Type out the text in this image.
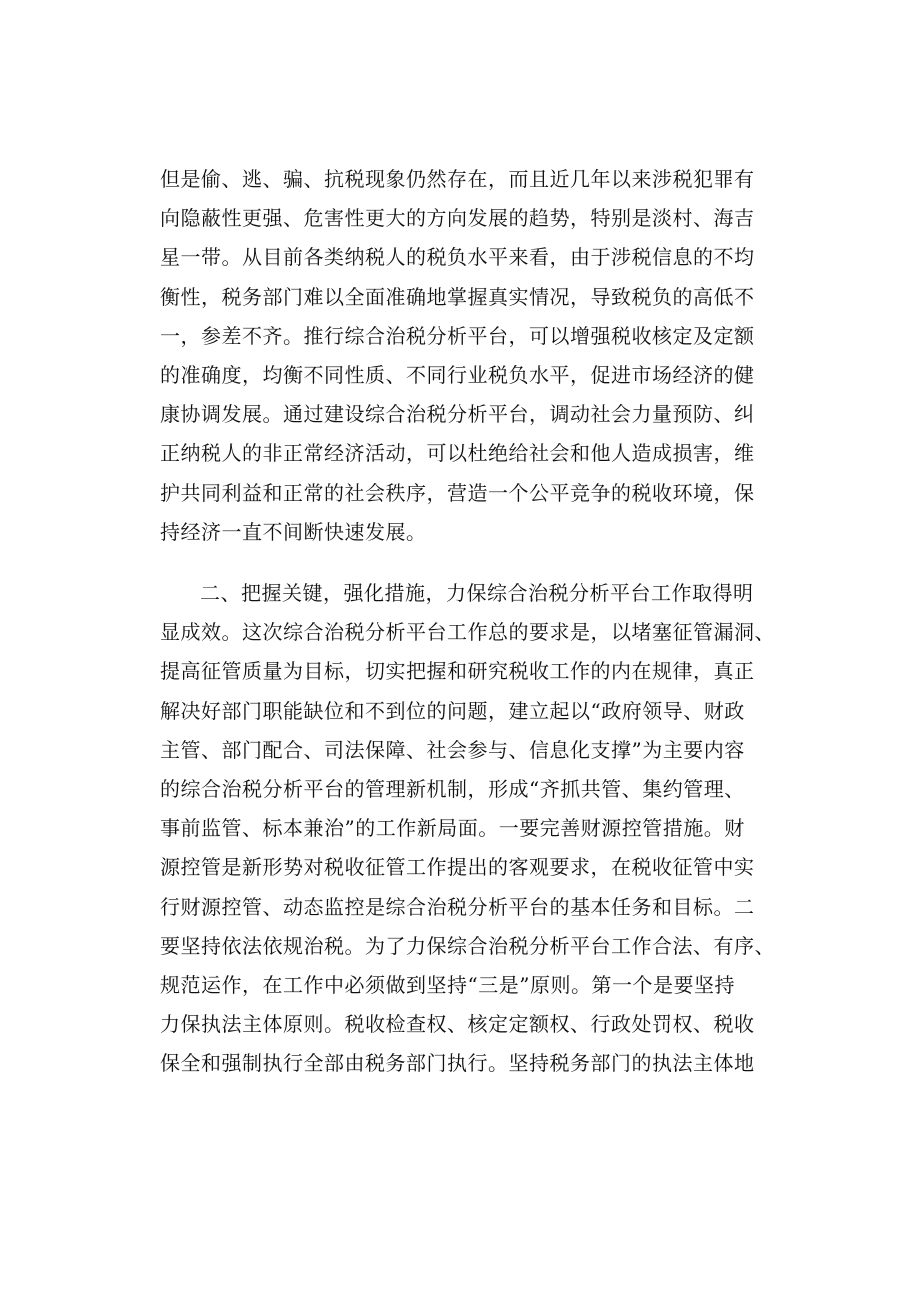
但是偷、逃、骗、抗税现象仍然存在，而且近几年以来涉税犯罪有
向隐蔽性更强、危害性更大的方向发展的趋势，特别是淡村、海吉
星一带。从目前各类纳税人的税负水平来看，由于涉税信息的不均
衡性，税务部门难以全面准确地掌握真实情况，导致税负的高低不
一，参差不齐。推行综合治税分析平台，可以增强税收核定及定额
的准确度，均衡不同性质、不同行业税负水平，促进市场经济的健
康协调发展。通过建设综合治税分析平台，调动社会力量预防、纠
正纳税人的非正常经济活动，可以杜绝给社会和他人造成损害，维
护共同利益和正常的社会秩序，营造一个公平竞争的税收环境，保
持经济一直不间断快速发展。
二、把握关键，强化措施，力保综合治税分析平台工作取得明
显成效。这次综合治税分析平台工作总的要求是，以堵塞征管漏洞、
提高征管质量为目标，切实把握和研究税收工作的内在规律，真正
解决好部门职能缺位和不到位的问题，建立起以“政府领导、财政
主管、部门配合、司法保障、社会参与、信息化支撑”为主要内容
的综合治税分析平台的管理新机制，形成“齐抓共管、集约管理、
事前监管、标本兼治”的工作新局面。一要完善财源控管措施。财
源控管是新形势对税收征管工作提出的客观要求，在税收征管中实
行财源控管、动态监控是综合治税分析平台的基本任务和目标。二
要坚持依法依规治税。为了力保综合治税分析平台工作合法、有序、
规范运作，在工作中必须做到坚持“三是”原则。第一个是要坚持
力保执法主体原则。税收检查权、核定定额权、行政处罚权、税收
保全和强制执行全部由税务部门执行。坚持税务部门的执法主体地
